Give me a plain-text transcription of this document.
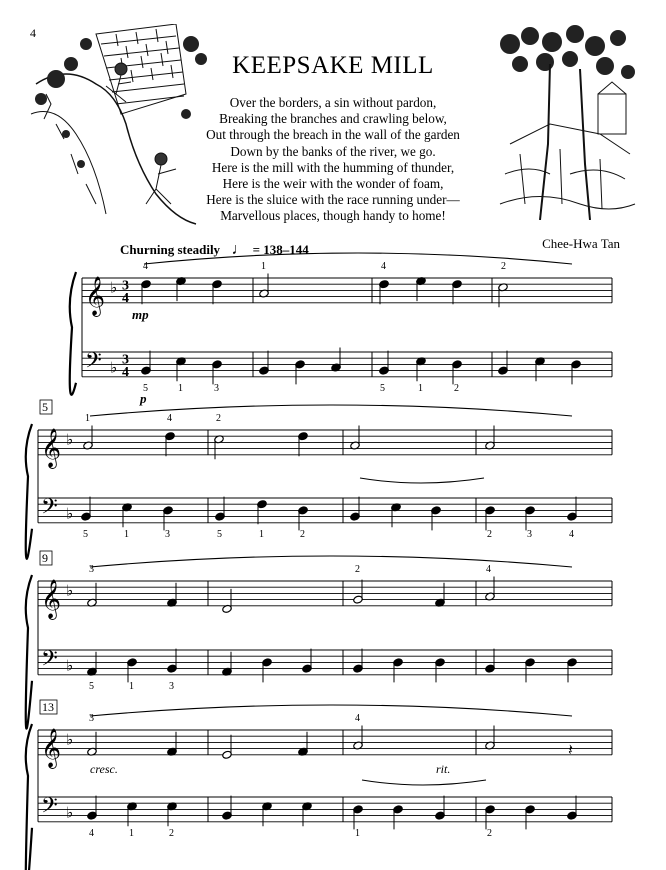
4
KEEPSAKE MILL
Over the borders, a sin without pardon,
Breaking the branches and crawling below,
Out through the breach in the wall of the garden
Down by the banks of the river, we go.
Here is the mill with the humming of thunder,
Here is the weir with the wonder of foam,
Here is the sluice with the race running under—
Marvellous places, though handy to home!
Churning steadily ♩ = 138–144	Chee-Hwa Tan
𝄞 ♭ 3
4
𝄢 ♭ 3
4
4	1	4	2
5	1	3	5	1	2
mp
p
𝄞 ♭
𝄢 ♭
5
1	4	2
5	1	3	5	1	2	2	3	4
𝄞 ♭
𝄢 ♭
9
3	2	4
5	1	3
𝄞 ♭
𝄢 ♭
13
3	4
4	1	2	1	2
cresc.	rit.
𝄽
